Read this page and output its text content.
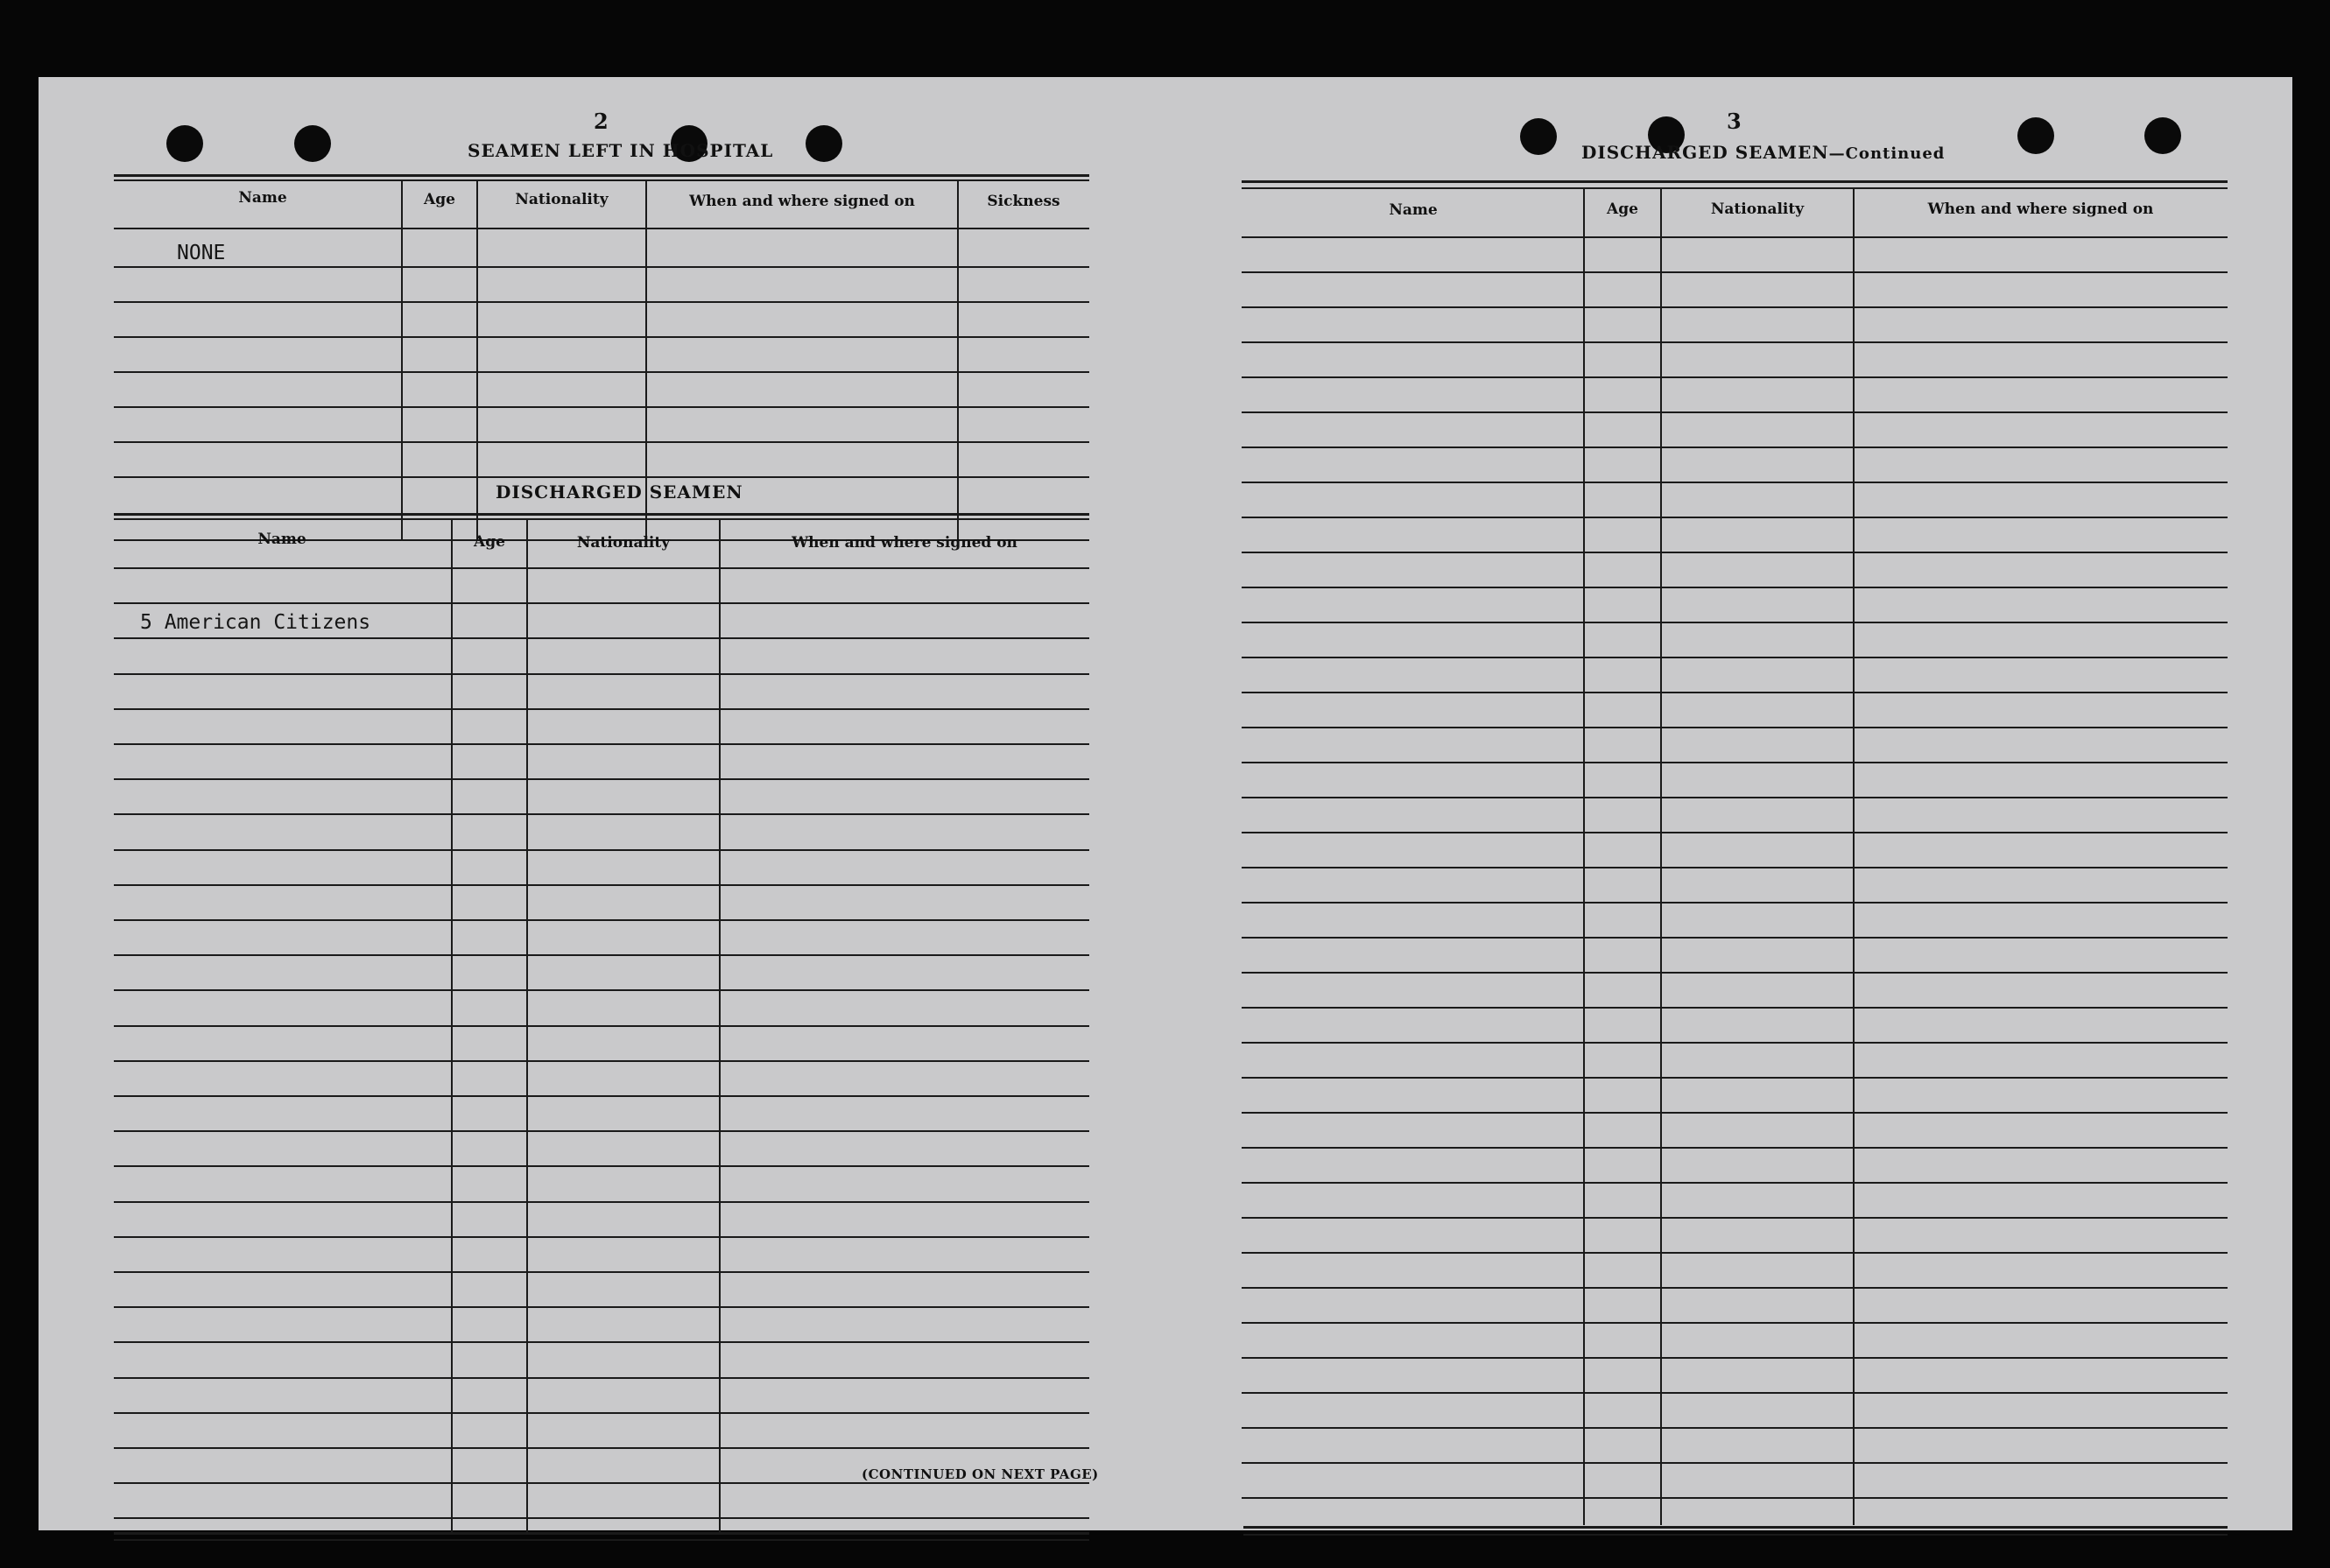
2
SEAMEN LEFT IN HOSPITAL
Name	Age	Nationality	When and where signed on	Sickness
NONE
DISCHARGED SEAMEN
Name	Age	Nationality	When and where signed on
5 American Citizens
(CONTINUED ON NEXT PAGE)
3
DISCHARGED SEAMEN—Continued
Name	Age	Nationality	When and where signed on
